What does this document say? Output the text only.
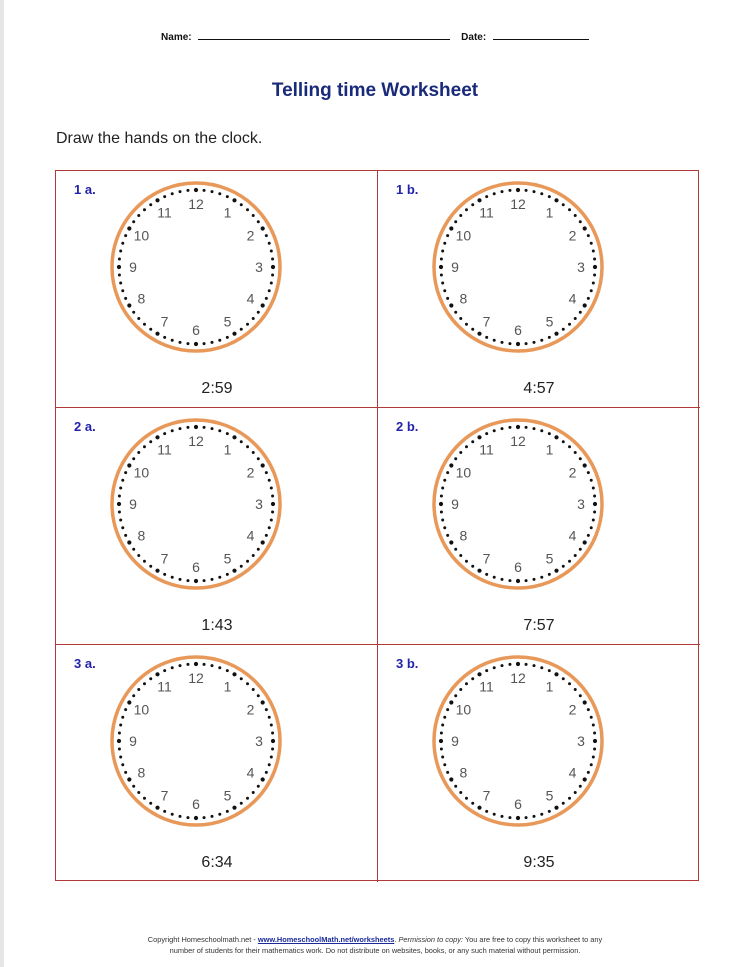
Name:	Date:
Telling time Worksheet
Draw the hands on the clock.
1 a.
12
1
2
3
4
5
6
7
8
9
10
11
2:59
1 b.
12
1
2
3
4
5
6
7
8
9
10
11
4:57
2 a.
12
1
2
3
4
5
6
7
8
9
10
11
1:43
2 b.
12
1
2
3
4
5
6
7
8
9
10
11
7:57
3 a.
12
1
2
3
4
5
6
7
8
9
10
11
6:34
3 b.
12
1
2
3
4
5
6
7
8
9
10
11
9:35
Copyright Homeschoolmath.net - www.HomeschoolMath.net/worksheets. Permission to copy: You are free to copy this worksheet to any
number of students for their mathematics work. Do not distribute on websites, books, or any such material without permission.
